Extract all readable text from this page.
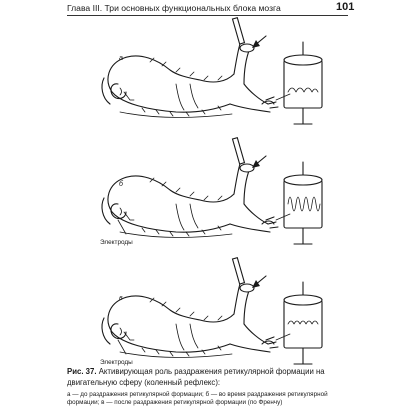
Глава III. Три основных функциональных блока мозга	101
а
б
Электроды
в
Электроды
Рис. 37. Активирующая роль раздражения ретикулярной формации на двигательную сферу (коленный рефлекс):
а — до раздражения ретикулярной формации; б — во время раздражения ретикулярной формации; в — после раздражения ретикулярной формации (по Френчу)
